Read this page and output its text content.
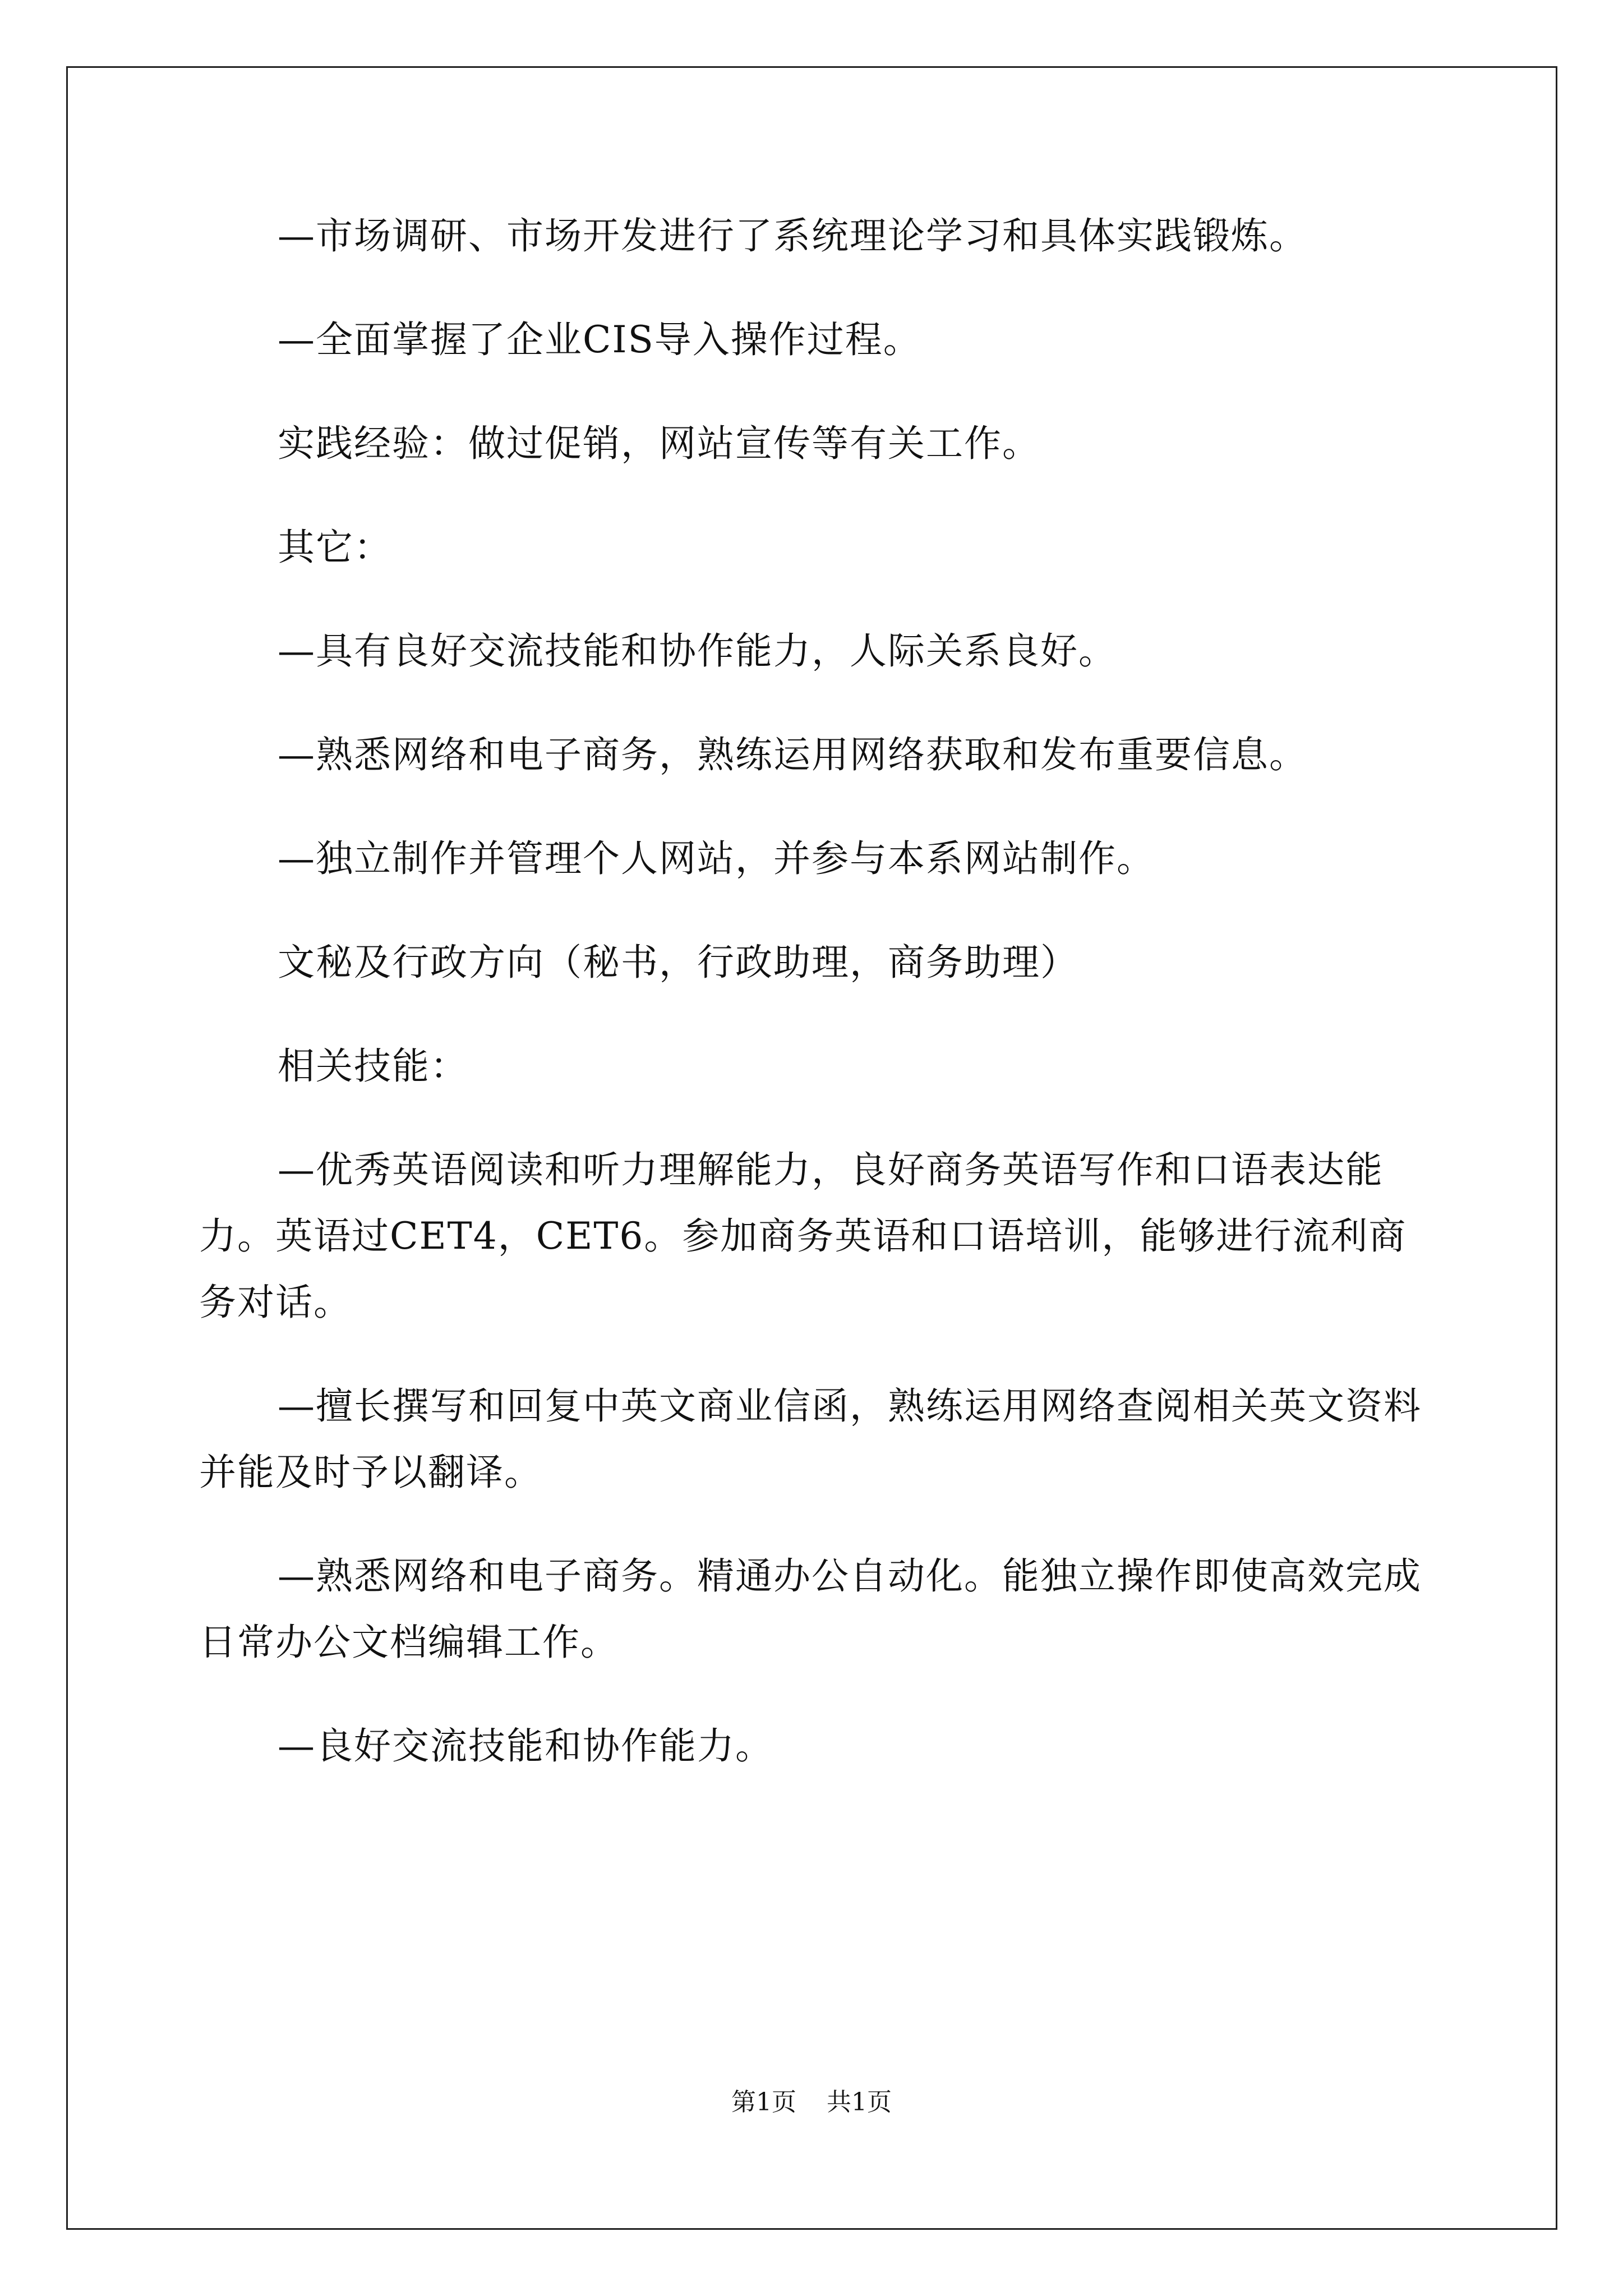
—市场调研、市场开发进行了系统理论学习和具体实践锻炼。

—全面掌握了企业CIS导入操作过程。

实践经验：做过促销，网站宣传等有关工作。

其它：

—具有良好交流技能和协作能力，人际关系良好。

—熟悉网络和电子商务，熟练运用网络获取和发布重要信息。

—独立制作并管理个人网站，并参与本系网站制作。

文秘及行政方向（秘书，行政助理，商务助理）

相关技能：

—优秀英语阅读和听力理解能力，良好商务英语写作和口语表达能力。英语过CET4，CET6。参加商务英语和口语培训，能够进行流利商务对话。

—擅长撰写和回复中英文商业信函，熟练运用网络查阅相关英文资料并能及时予以翻译。

—熟悉网络和电子商务。精通办公自动化。能独立操作即使高效完成日常办公文档编辑工作。

—良好交流技能和协作能力。

第1页 共1页
